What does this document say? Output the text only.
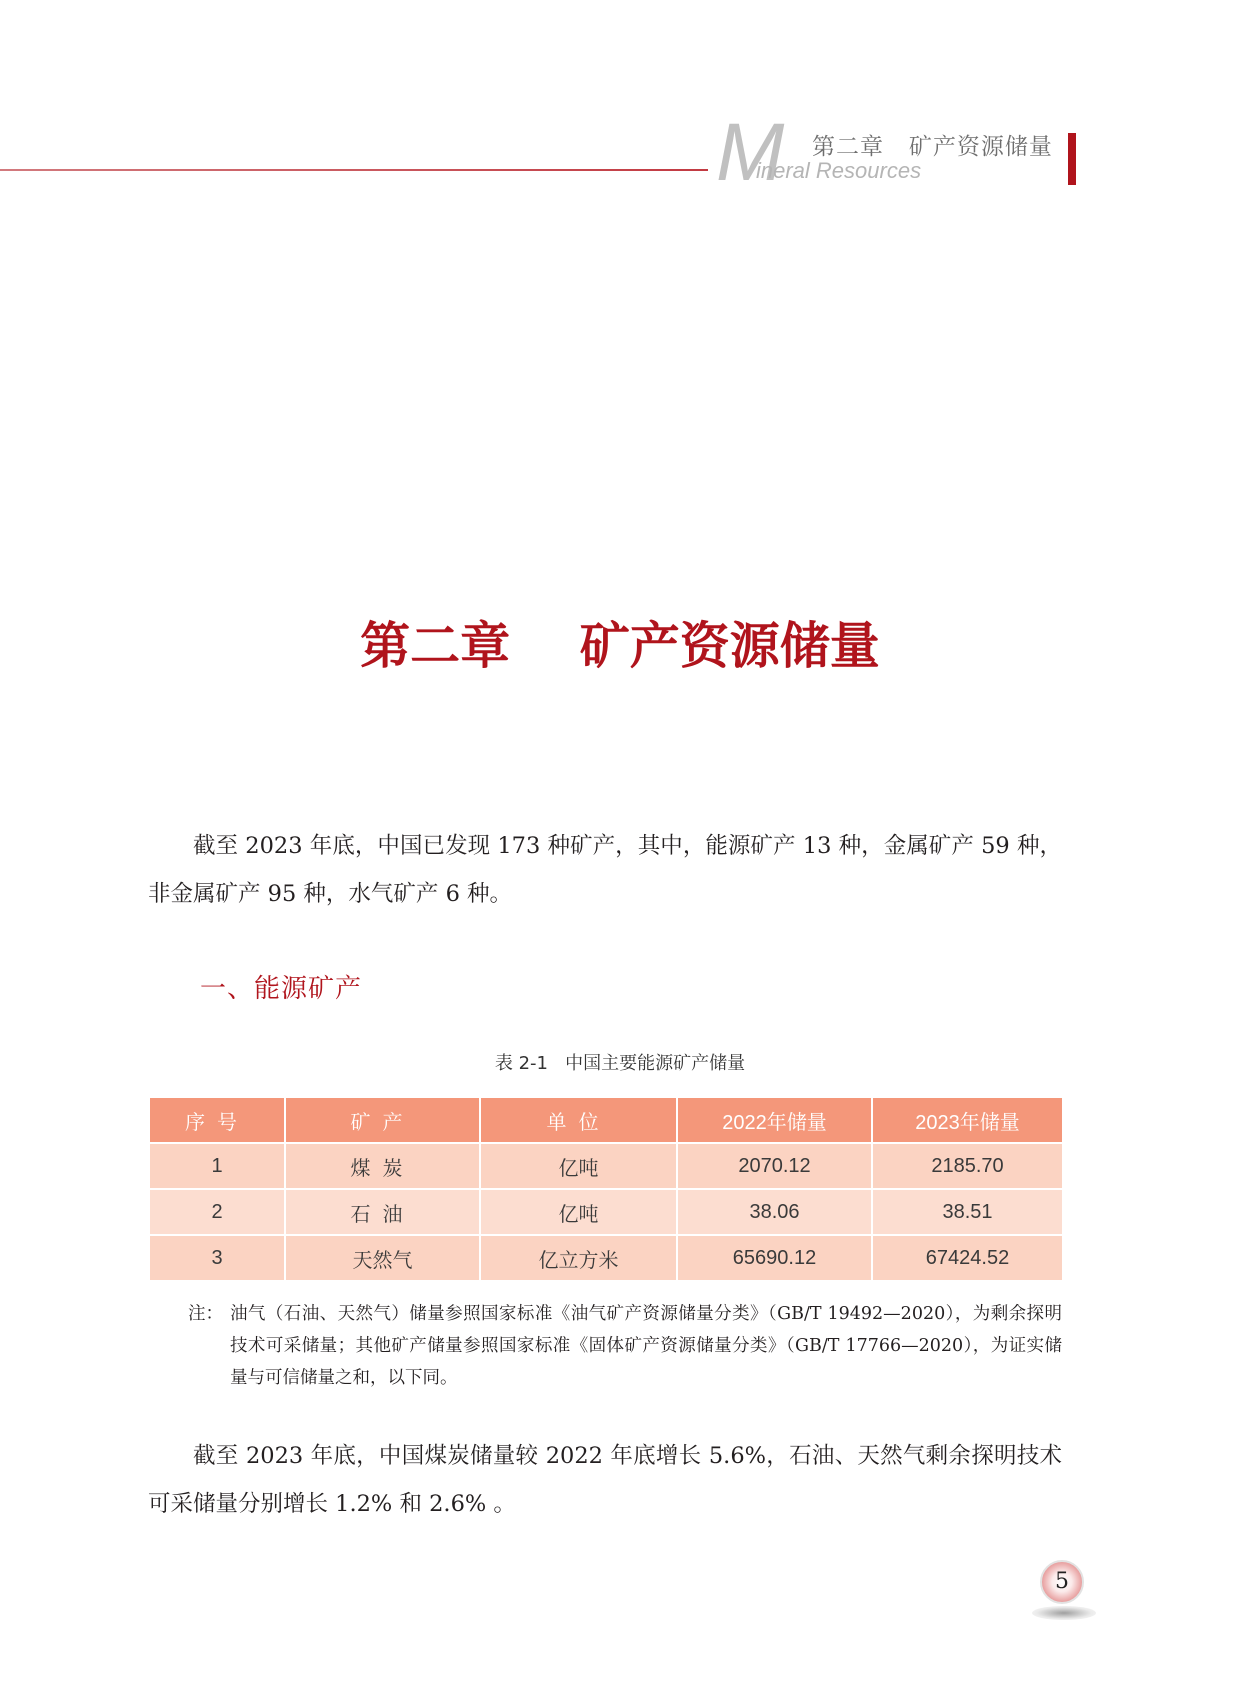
M 第二章   矿产资源储量
ineral Resources
第二章    矿产资源储量

截至 2023 年底，中国已发现 173 种矿产，其中，能源矿产 13 种，金属矿产 59 种，非金属矿产 95 种，水气矿产 6 种。

一、能源矿产
表 2-1   中国主要能源矿产储量
序号	矿产	单位	2022年储量	2023年储量
1	煤炭	亿吨	2070.12	2185.70
2	石油	亿吨	38.06	38.51
3	天然气	亿立方米	65690.12	67424.52
注： 油气（石油、天然气）储量参照国家标准《油气矿产资源储量分类》（GB/T 19492—2020），为剩余探明技术可采储量；其他矿产储量参照国家标准《固体矿产资源储量分类》（GB/T 17766—2020），为证实储量与可信储量之和，以下同。

截至 2023 年底，中国煤炭储量较 2022 年底增长 5.6%，石油、天然气剩余探明技术可采储量分别增长 1.2% 和 2.6% 。

5
